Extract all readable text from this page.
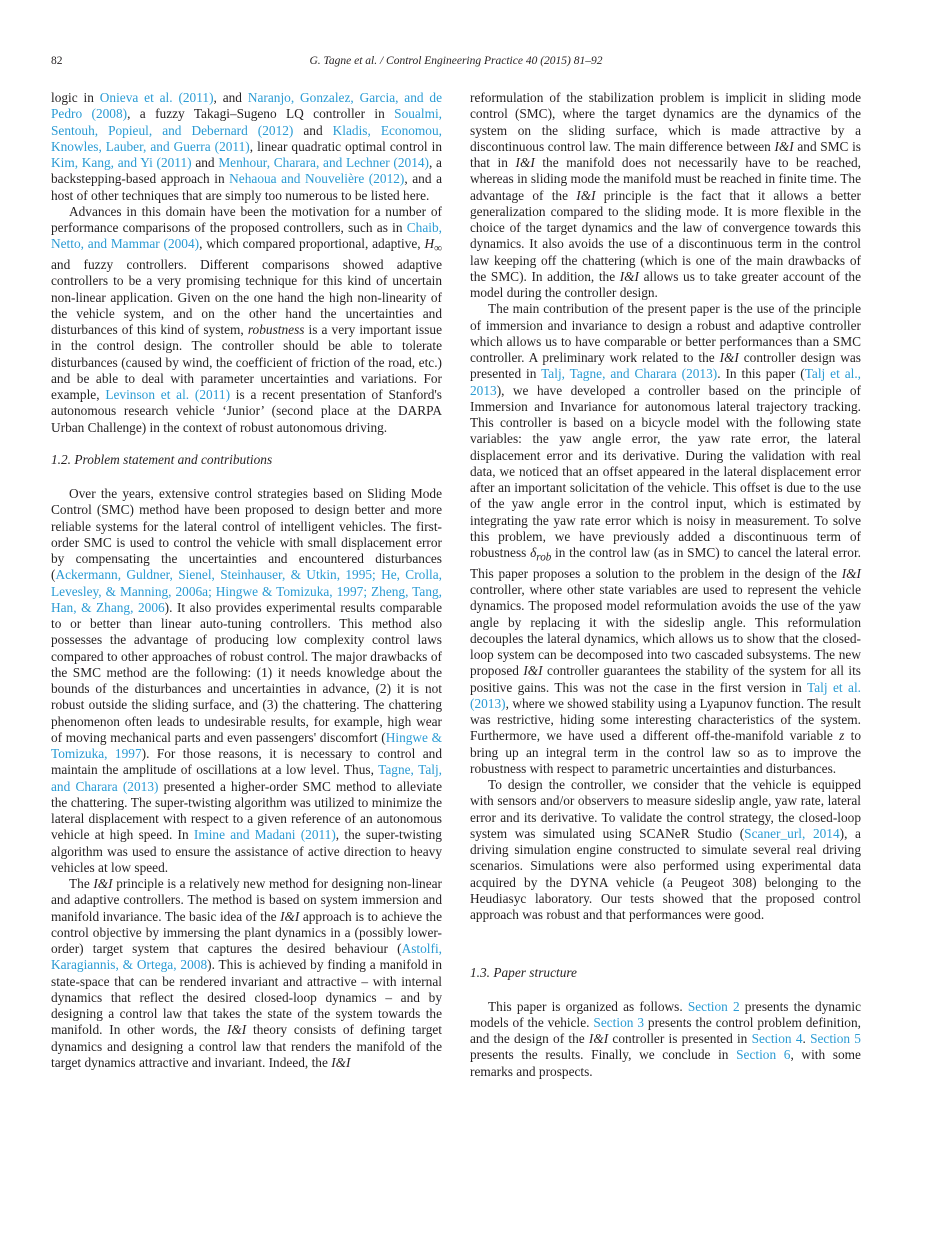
82	G. Tagne et al. / Control Engineering Practice 40 (2015) 81–92

logic in Onieva et al. (2011), and Naranjo, Gonzalez, Garcia, and de Pedro (2008), a fuzzy Takagi–Sugeno LQ controller in Soualmi, Sentouh, Popieul, and Debernard (2012) and Kladis, Economou, Knowles, Lauber, and Guerra (2011), linear quadratic optimal control in Kim, Kang, and Yi (2011) and Menhour, Charara, and Lechner (2014), a backstepping-based approach in Nehaoua and Nouvelière (2012), and a host of other techniques that are simply too numerous to be listed here.

Advances in this domain have been the motivation for a number of performance comparisons of the proposed controllers, such as in Chaib, Netto, and Mammar (2004), which compared proportional, adaptive, $H_\infty$ and fuzzy controllers. Different comparisons showed adaptive controllers to be a very promising technique for this kind of uncertain non-linear application. Given on the one hand the high non-linearity of the vehicle system, and on the other hand the uncertainties and disturbances of this kind of system, robustness is a very important issue in the control design. The controller should be able to tolerate disturbances (caused by wind, the coefficient of friction of the road, etc.) and be able to deal with parameter uncertainties and variations. For example, Levinson et al. (2011) is a recent presentation of Stanford's autonomous research vehicle ‘Junior’ (second place at the DARPA Urban Challenge) in the context of robust autonomous driving.

1.2. Problem statement and contributions

Over the years, extensive control strategies based on Sliding Mode Control (SMC) method have been proposed to design better and more reliable systems for the lateral control of intelligent vehicles. The first-order SMC is used to control the vehicle with small displacement error by compensating the uncertainties and encountered disturbances (Ackermann, Guldner, Sienel, Steinhauser, & Utkin, 1995; He, Crolla, Levesley, & Manning, 2006a; Hingwe & Tomizuka, 1997; Zheng, Tang, Han, & Zhang, 2006). It also provides experimental results comparable to or better than linear auto-tuning controllers. This method also possesses the advantage of producing low complexity control laws compared to other approaches of robust control. The major drawbacks of the SMC method are the following: (1) it needs knowledge about the bounds of the disturbances and uncertainties in advance, (2) it is not robust outside the sliding surface, and (3) the chattering. The chattering phenomenon often leads to undesirable results, for example, high wear of moving mechanical parts and even passengers' discomfort (Hingwe & Tomizuka, 1997). For those reasons, it is necessary to control and maintain the amplitude of oscillations at a low level. Thus, Tagne, Talj, and Charara (2013) presented a higher-order SMC method to alleviate the chattering. The super-twisting algorithm was utilized to minimize the lateral displacement with respect to a given reference of an autonomous vehicle at high speed. In Imine and Madani (2011), the super-twisting algorithm was used to ensure the assistance of active direction to heavy vehicles at low speed.

The I&I principle is a relatively new method for designing non-linear and adaptive controllers. The method is based on system immersion and manifold invariance. The basic idea of the I&I approach is to achieve the control objective by immersing the plant dynamics in a (possibly lower-order) target system that captures the desired behaviour (Astolfi, Karagiannis, & Ortega, 2008). This is achieved by finding a manifold in state-space that can be rendered invariant and attractive – with internal dynamics that reflect the desired closed-loop dynamics – and by designing a control law that takes the state of the system towards the manifold. In other words, the I&I theory consists of defining target dynamics and designing a control law that renders the manifold of the target dynamics attractive and invariant. Indeed, the I&I

reformulation of the stabilization problem is implicit in sliding mode control (SMC), where the target dynamics are the dynamics of the system on the sliding surface, which is made attractive by a discontinuous control law. The main difference between I&I and SMC is that in I&I the manifold does not necessarily have to be reached, whereas in sliding mode the manifold must be reached in finite time. The advantage of the I&I principle is the fact that it allows a better generalization compared to the sliding mode. It is more flexible in the choice of the target dynamics and the law of convergence towards this dynamics. It also avoids the use of a discontinuous term in the control law keeping off the chattering (which is one of the main drawbacks of the SMC). In addition, the I&I allows us to take greater account of the model during the controller design.

The main contribution of the present paper is the use of the principle of immersion and invariance to design a robust and adaptive controller which allows us to have comparable or better performances than a SMC controller. A preliminary work related to the I&I controller design was presented in Talj, Tagne, and Charara (2013). In this paper (Talj et al., 2013), we have developed a controller based on the principle of Immersion and Invariance for autonomous lateral trajectory tracking. This controller is based on a bicycle model with the following state variables: the yaw angle error, the yaw rate error, the lateral displacement error and its derivative. During the validation with real data, we noticed that an offset appeared in the lateral displacement error after an important solicitation of the vehicle. This offset is due to the use of the yaw angle error in the control input, which is estimated by integrating the yaw rate error which is noisy in measurement. To solve this problem, we have previously added a discontinuous term of robustness $\delta_{rob}$ in the control law (as in SMC) to cancel the lateral error. This paper proposes a solution to the problem in the design of the I&I controller, where other state variables are used to represent the vehicle dynamics. The proposed model reformulation avoids the use of the yaw angle by replacing it with the sideslip angle. This reformulation decouples the lateral dynamics, which allows us to show that the closed-loop system can be decomposed into two cascaded subsystems. The new proposed I&I controller guarantees the stability of the system for all its positive gains. This was not the case in the first version in Talj et al. (2013), where we showed stability using a Lyapunov function. The result was restrictive, hiding some interesting characteristics of the system. Furthermore, we have used a different off-the-manifold variable z to bring up an integral term in the control law so as to improve the robustness with respect to parametric uncertainties and disturbances.

To design the controller, we consider that the vehicle is equipped with sensors and/or observers to measure sideslip angle, yaw rate, lateral error and its derivative. To validate the control strategy, the closed-loop system was simulated using SCANeR Studio (Scaner_url, 2014), a driving simulation engine constructed to simulate several real driving scenarios. Simulations were also performed using experimental data acquired by the DYNA vehicle (a Peugeot 308) belonging to the Heudiasyc laboratory. Our tests showed that the proposed control approach was robust and that performances were good.

1.3. Paper structure

This paper is organized as follows. Section 2 presents the dynamic models of the vehicle. Section 3 presents the control problem definition, and the design of the I&I controller is presented in Section 4. Section 5 presents the results. Finally, we conclude in Section 6, with some remarks and prospects.
